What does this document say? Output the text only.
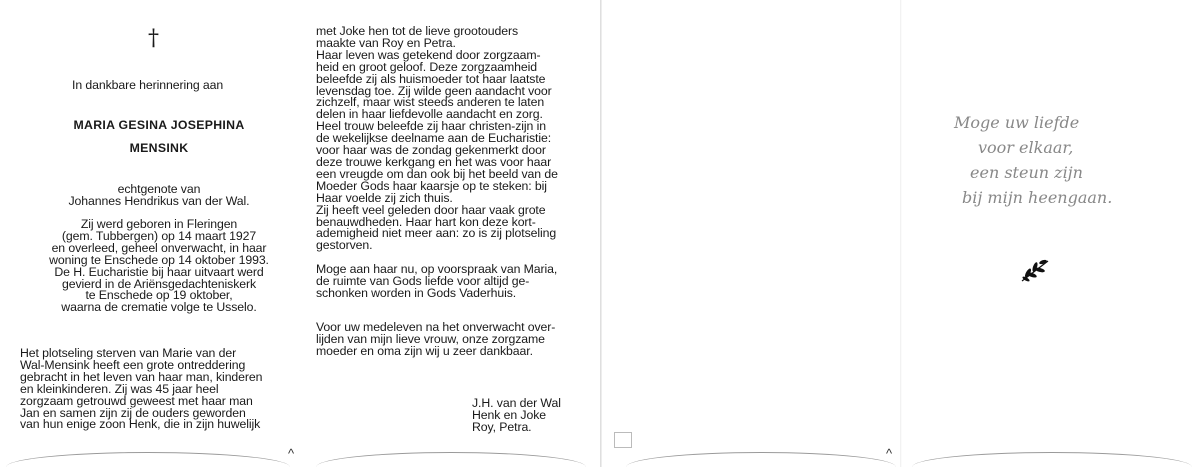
†
In dankbare herinnering aan
MARIA GESINA JOSEPHINA
MENSINK
echtgenote van
Johannes Hendrikus van der Wal.
Zij werd geboren in Fleringen
(gem. Tubbergen) op 14 maart 1927
en overleed, geheel onverwacht, in haar
woning te Enschede op 14 oktober 1993.
De H. Eucharistie bij haar uitvaart werd
gevierd in de Ariënsgedachteniskerk
te Enschede op 19 oktober,
waarna de crematie volge te Usselo.
Het plotseling sterven van Marie van der
Wal-Mensink heeft een grote ontreddering
gebracht in het leven van haar man, kinderen
en kleinkinderen. Zij was 45 jaar heel
zorgzaam getrouwd geweest met haar man
Jan en samen zijn zij de ouders geworden
van hun enige zoon Henk, die in zijn huwelijk
^

met Joke hen tot de lieve grootouders
maakte van Roy en Petra.
Haar leven was getekend door zorgzaam-
heid en groot geloof. Deze zorgzaamheid
beleefde zij als huismoeder tot haar laatste
levensdag toe. Zij wilde geen aandacht voor
zichzelf, maar wist steeds anderen te laten
delen in haar liefdevolle aandacht en zorg.
Heel trouw beleefde zij haar christen-zijn in
de wekelijkse deelname aan de Eucharistie:
voor haar was de zondag gekenmerkt door
deze trouwe kerkgang en het was voor haar
een vreugde om dan ook bij het beeld van de
Moeder Gods haar kaarsje op te steken: bij
Haar voelde zij zich thuis.
Zij heeft veel geleden door haar vaak grote
benauwdheden. Haar hart kon deze kort-
ademigheid niet meer aan: zo is zij plotseling
gestorven.

Moge aan haar nu, op voorspraak van Maria,
de ruimte van Gods liefde voor altijd ge-
schonken worden in Gods Vaderhuis.

Voor uw medeleven na het onverwacht over-
lijden van mijn lieve vrouw, onze zorgzame
moeder en oma zijn wij u zeer dankbaar.

J.H. van der Wal
Henk en Joke
Roy, Petra.
Moge uw liefde
voor elkaar,
een steun zijn
bij mijn heengaan.
^
